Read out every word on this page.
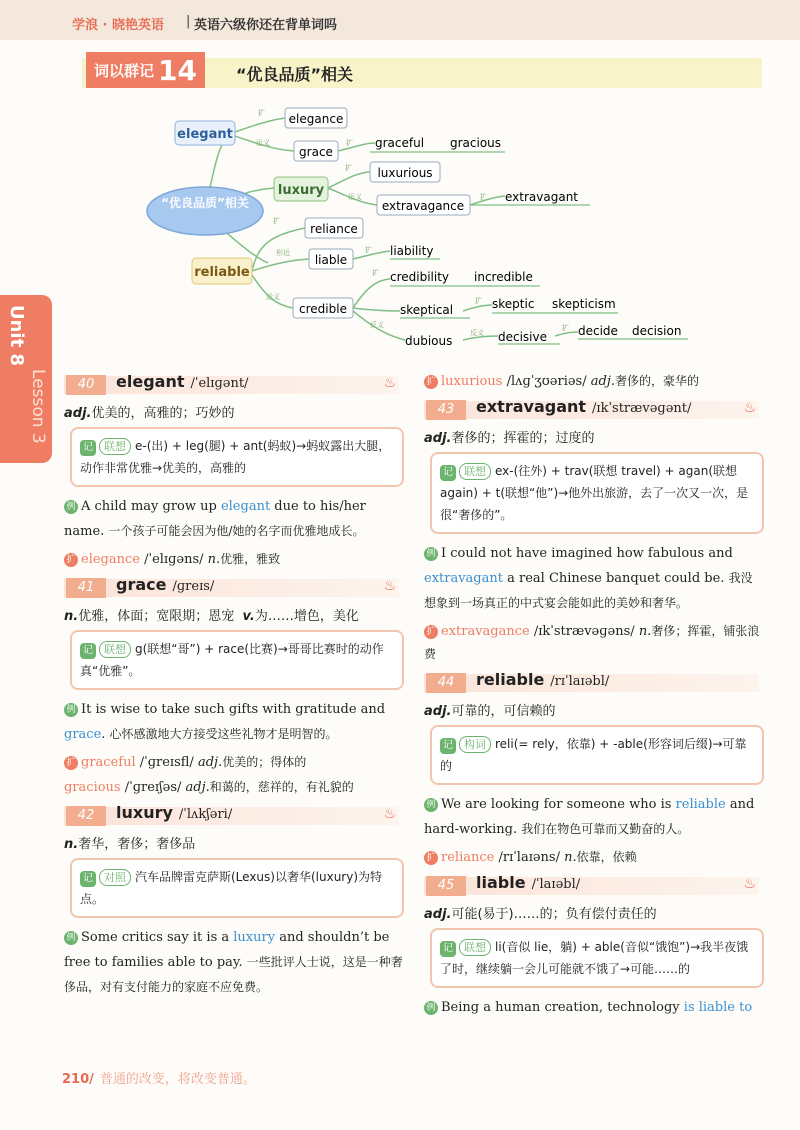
学浪 · 晓艳英语 | 英语六级你还在背单词吗
词以群记 14 “优良品质”相关
“优良品质”相关
elegant
elegance
grace
graceful gracious
luxury
luxurious
extravagance
extravagant
reliable
reliance
liable
liability
credible
credibility incredible
skeptical	skeptic skepticism
dubious	decisive	decide decision
扩
近义	扩
扩
近义	扩
扩
形近	扩
近义
扩
反义
扩
反义
扩
Unit 8
Lesson 3	40	elegant /ˈelɪɡənt/	♨
adj.优美的，高雅的；巧妙的
记 联想 e-(出) + leg(腿) + ant(蚂蚁)→蚂蚁露出大腿，动作非常优雅→优美的，高雅的
例 A child may grow up elegant due to his/her name. 一个孩子可能会因为他/她的名字而优雅地成长。
扩 elegance /ˈelɪɡəns/ n.优雅，雅致
41	grace /ɡreɪs/	♨
n.优雅，体面；宽限期；恩宠 v.为……增色，美化
记 联想 g(联想“哥”) + race(比赛)→哥哥比赛时的动作真“优雅”。
例 It is wise to take such gifts with gratitude and grace. 心怀感激地大方接受这些礼物才是明智的。
扩 graceful /ˈɡreɪsfl/ adj.优美的；得体的
gracious /ˈɡreɪʃəs/ adj.和蔼的，慈祥的，有礼貌的
42	luxury /ˈlʌkʃəri/	♨
n.奢华，奢侈；奢侈品
记 对照 汽车品牌雷克萨斯(Lexus)以奢华(luxury)为特点。
例 Some critics say it is a luxury and shouldn’t be free to families able to pay. 一些批评人士说，这是一种奢侈品，对有支付能力的家庭不应免费。
扩 luxurious /lʌɡˈʒʊəriəs/ adj.奢侈的，豪华的
43	extravagant /ɪkˈstrævəɡənt/	♨
adj.奢侈的；挥霍的；过度的
记 联想 ex-(往外) + trav(联想 travel) + agan(联想 again) + t(联想“他”)→他外出旅游，去了一次又一次，是很“奢侈的”。
例 I could not have imagined how fabulous and extravagant a real Chinese banquet could be. 我没想象到一场真正的中式宴会能如此的美妙和奢华。
扩 extravagance /ɪkˈstrævəɡəns/ n.奢侈；挥霍，铺张浪费
44	reliable /rɪˈlaɪəbl/
adj.可靠的，可信赖的
记 构词 reli(= rely，依靠) + -able(形容词后缀)→可靠的
例 We are looking for someone who is reliable and hard-working. 我们在物色可靠而又勤奋的人。
扩 reliance /rɪˈlaɪəns/ n.依靠，依赖
45	liable /ˈlaɪəbl/	♨
adj.可能(易于)……的；负有偿付责任的
记 联想 li(音似 lie，躺) + able(音似“饿饱”)→我半夜饿了时，继续躺一会儿可能就不饿了→可能……的
例 Being a human creation, technology is liable to
210/ 普通的改变，将改变普通。
